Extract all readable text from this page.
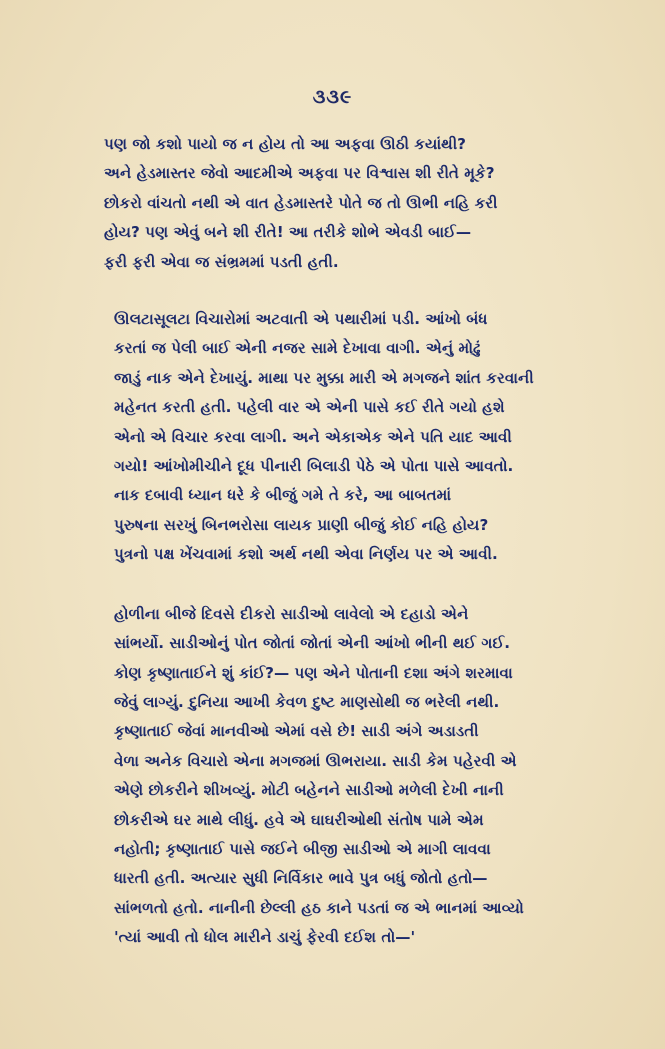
૩૩૯
પણ જો કશો પાયો જ ન હોય તો આ અફવા ઊઠી કયાંથી?
અને હેડમાસ્તર જેવો આદમીએ અફવા પર વિશ્વાસ શી રીતે મૂકે?
છોકરો વાંચતો નથી એ વાત હેડમાસ્તરે પોતે જ તો ઊભી નહિ કરી
હોય? પણ એવું બને શી રીતે! આ તરીકે શોભે એવડી બાઈ—
ફરી ફરી એવા જ સંભ્રમમાં પડતી હતી.
ઊલટાસૂલટા વિચારોમાં અટવાતી એ પથારીમાં પડી. આંખો બંધ
કરતાં જ પેલી બાઈ એની નજર સામે દેખાવા વાગી. એનું મોઢું
જાડું નાક એને દેખાયું. માથા પર મુક્કા મારી એ મગજને શાંત કરવાની
મહેનત કરતી હતી. પહેલી વાર એ એની પાસે કઈ રીતે ગયો હશે
એનો એ વિચાર કરવા લાગી. અને એકાએક એને પતિ યાદ આવી
ગયો! આંખોમીચીને દૂધ પીનારી બિલાડી પેઠે એ પોતા પાસે આવતો.
નાક દબાવી ધ્યાન ધરે કે બીજું ગમે તે કરે, આ બાબતમાં
પુરુષના સરખું બિનભરોસા લાયક પ્રાણી બીજું કોઈ નહિ હોય?
પુત્રનો પક્ષ ખેંચવામાં કશો અર્થ નથી એવા નિર્ણય પર એ આવી.
હોળીના બીજે દિવસે દીકરો સાડીઓ લાવેલો એ દહાડો એને
સાંભર્યો. સાડીઓનું પોત જોતાં જોતાં એની આંખો ભીની થઈ ગઈ.
કોણ કૃષ્ણાતાઈને શું કાંઈ?— પણ એને પોતાની દશા અંગે શરમાવા
જેવું લાગ્યું. દુનિયા આખી કેવળ દુષ્ટ માણસોથી જ ભરેલી નથી.
કૃષ્ણાતાઈ જેવાં માનવીઓ એમાં વસે છે! સાડી અંગે અડાડતી
વેળા અનેક વિચારો એના મગજમાં ઊભરાયા. સાડી કેમ પહેરવી એ
એણે છોકરીને શીખવ્યું. મોટી બહેનને સાડીઓ મળેલી દેખી નાની
છોકરીએ ઘર માથે લીધું. હવે એ ઘાઘરીઓથી સંતોષ પામે એમ
નહોતી; કૃષ્ણાતાઈ પાસે જઈને બીજી સાડીઓ એ માગી લાવવા
ધારતી હતી. અત્યાર સુધી નિર્વિકાર ભાવે પુત્ર બધું જોતો હતો—
સાંભળતો હતો. નાનીની છેલ્લી હઠ કાને પડતાં જ એ ભાનમાં આવ્યો
'ત્યાં આવી તો ધોલ મારીને ડાચું ફેરવી દઈશ તો—'
